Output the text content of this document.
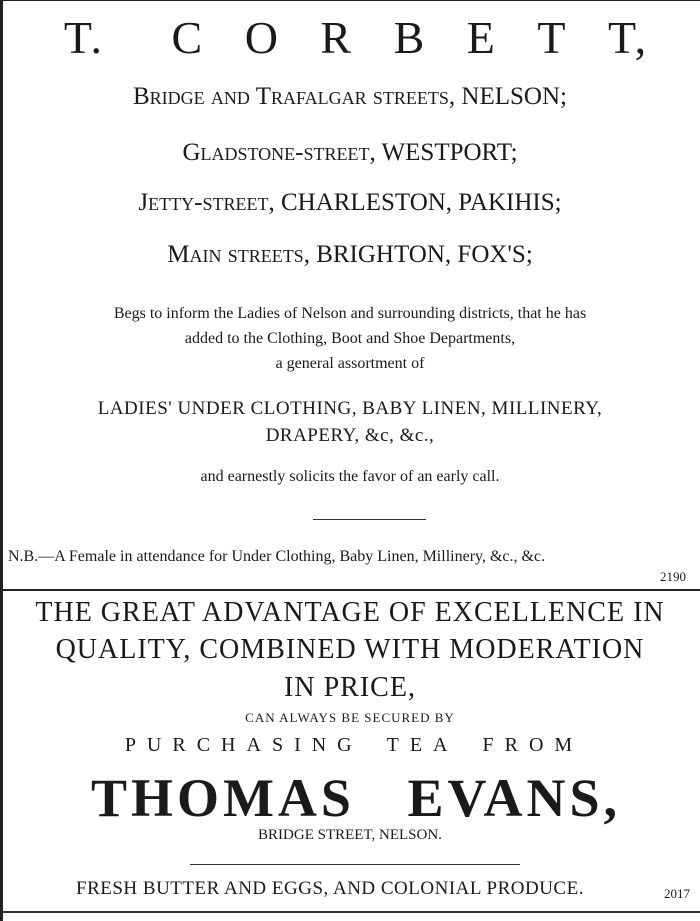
T.     C   O   R   B   E   T   T,
Bridge and Trafalgar streets, NELSON;
Gladstone-street, WESTPORT;
Jetty-street, CHARLESTON, PAKIHIS;
Main streets, BRIGHTON, FOX'S;
Begs to inform the Ladies of Nelson and surrounding districts, that he has
added to the Clothing, Boot and Shoe Departments,
a general assortment of
LADIES' UNDER CLOTHING, BABY LINEN, MILLINERY,
DRAPERY, &c, &c.,
and earnestly solicits the favor of an early call.
N.B.—A Female in attendance for Under Clothing, Baby Linen, Millinery, &c., &c.
2190
THE GREAT ADVANTAGE OF EXCELLENCE IN
QUALITY, COMBINED WITH MODERATION
IN PRICE,
CAN ALWAYS BE SECURED BY
P U R C H A S I N G    T E A    F R O M
THOMAS   EVANS,
BRIDGE STREET, NELSON.
FRESH BUTTER AND EGGS, AND COLONIAL PRODUCE.	2017
